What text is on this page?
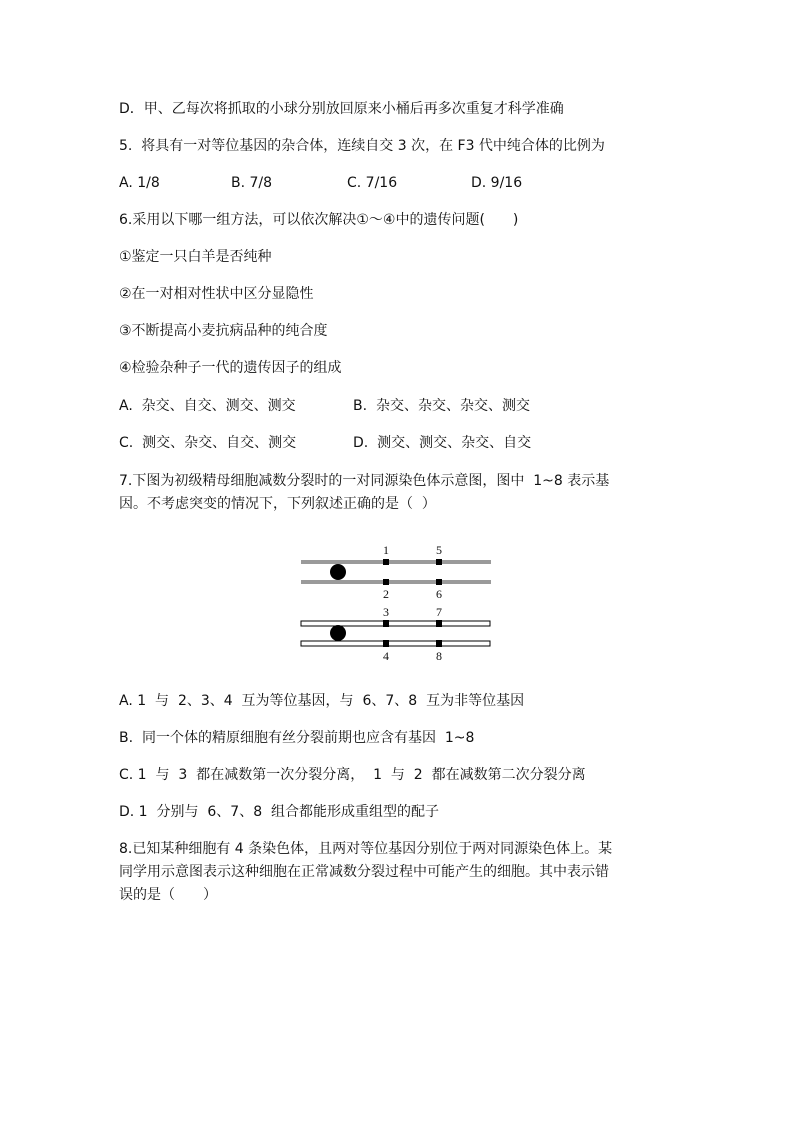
D．甲、乙每次将抓取的小球分别放回原来小桶后再多次重复才科学准确
5.  将具有一对等位基因的杂合体，连续自交 3 次，在 F3 代中纯合体的比例为
A. 1/8	B. 7/8	C. 7/16	D. 9/16
6.采用以下哪一组方法，可以依次解决①～④中的遗传问题(　　)
①鉴定一只白羊是否纯种
②在一对相对性状中区分显隐性
③不断提高小麦抗病品种的纯合度
④检验杂种子一代的遗传因子的组成
A.  杂交、自交、测交、测交	B.  杂交、杂交、杂交、测交
C.  测交、杂交、自交、测交	D.  测交、测交、杂交、自交
7.下图为初级精母细胞减数分裂时的一对同源染色体示意图，图中  1~8 表示基
因。不考虑突变的情况下，下列叙述正确的是（  ）
1	5
2	6
3	7
4	8
A. 1  与  2、3、4  互为等位基因，与  6、7、8  互为非等位基因
B.  同一个体的精原细胞有丝分裂前期也应含有基因  1~8
C. 1  与  3  都在减数第一次分裂分离，  1  与  2  都在减数第二次分裂分离
D. 1  分别与  6、7、8  组合都能形成重组型的配子
8.已知某种细胞有 4 条染色体，且两对等位基因分别位于两对同源染色体上。某
同学用示意图表示这种细胞在正常减数分裂过程中可能产生的细胞。其中表示错
误的是（　　）
